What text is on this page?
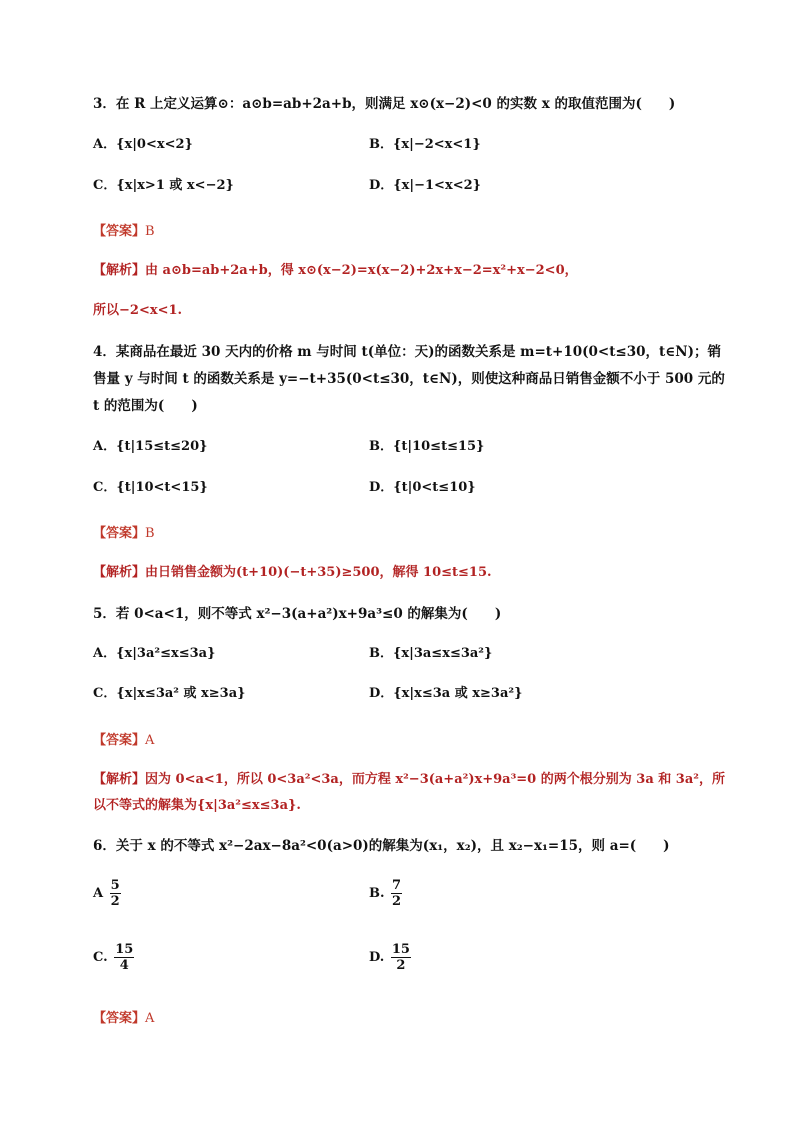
3．在 R 上定义运算⊙：a⊙b=ab+2a+b，则满足 x⊙(x−2)<0 的实数 x 的取值范围为(　　)
A．{x|0<x<2}	B．{x|−2<x<1}
C．{x|x>1 或 x<−2}	D．{x|−1<x<2}
【答案】B
【解析】由 a⊙b=ab+2a+b，得 x⊙(x−2)=x(x−2)+2x+x−2=x²+x−2<0，
所以−2<x<1.
4．某商品在最近 30 天内的价格 m 与时间 t(单位：天)的函数关系是 m=t+10(0<t≤30，t∈N)；销
售量 y 与时间 t 的函数关系是 y=−t+35(0<t≤30，t∈N)，则使这种商品日销售金额不小于 500 元的
t 的范围为(　　)
A．{t|15≤t≤20}	B．{t|10≤t≤15}
C．{t|10<t<15}	D．{t|0<t≤10}
【答案】B
【解析】由日销售金额为(t+10)(−t+35)≥500，解得 10≤t≤15.
5．若 0<a<1，则不等式 x²−3(a+a²)x+9a³≤0 的解集为(　　)
A．{x|3a²≤x≤3a}	B．{x|3a≤x≤3a²}
C．{x|x≤3a² 或 x≥3a}	D．{x|x≤3a 或 x≥3a²}
【答案】A
【解析】因为 0<a<1，所以 0<3a²<3a，而方程 x²−3(a+a²)x+9a³=0 的两个根分别为 3a 和 3a²，所
以不等式的解集为{x|3a²≤x≤3a}.
6．关于 x 的不等式 x²−2ax−8a²<0(a>0)的解集为(x₁，x₂)，且 x₂−x₁=15，则 a=(　　)
A $\frac{5}{2}$	B. $\frac{7}{2}$
C. $\frac{15}{4}$	D. $\frac{15}{2}$
【答案】A
